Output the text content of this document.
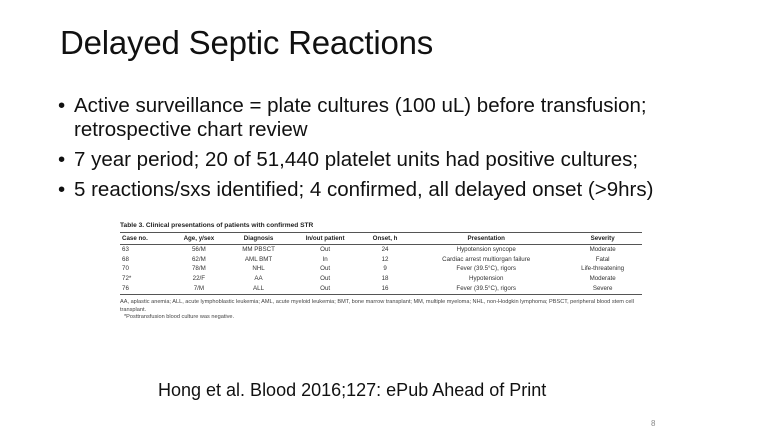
Delayed Septic Reactions
• Active surveillance = plate cultures (100 uL) before transfusion; retrospective chart review
• 7 year period; 20 of 51,440 platelet units had positive cultures;
• 5 reactions/sxs identified; 4 confirmed, all delayed onset (>9hrs)
Table 3. Clinical presentations of patients with confirmed STR
Case no.	Age, y/sex	Diagnosis	In/out patient	Onset, h	Presentation	Severity
63	56/M	MM PBSCT	Out	24	Hypotension syncope	Moderate
68	62/M	AML BMT	In	12	Cardiac arrest multiorgan failure	Fatal
70	78/M	NHL	Out	9	Fever (39.5°C), rigors	Life-threatening
72*	22/F	AA	Out	18	Hypotension	Moderate
76	7/M	ALL	Out	16	Fever (39.5°C), rigors	Severe

AA, aplastic anemia; ALL, acute lymphoblastic leukemia; AML, acute myeloid leukemia; BMT, bone marrow transplant; MM, multiple myeloma; NHL, non-Hodgkin lymphoma; PBSCT, peripheral blood stem cell transplant.

*Posttransfusion blood culture was negative.

Hong et al. Blood 2016;127: ePub Ahead of Print
8
